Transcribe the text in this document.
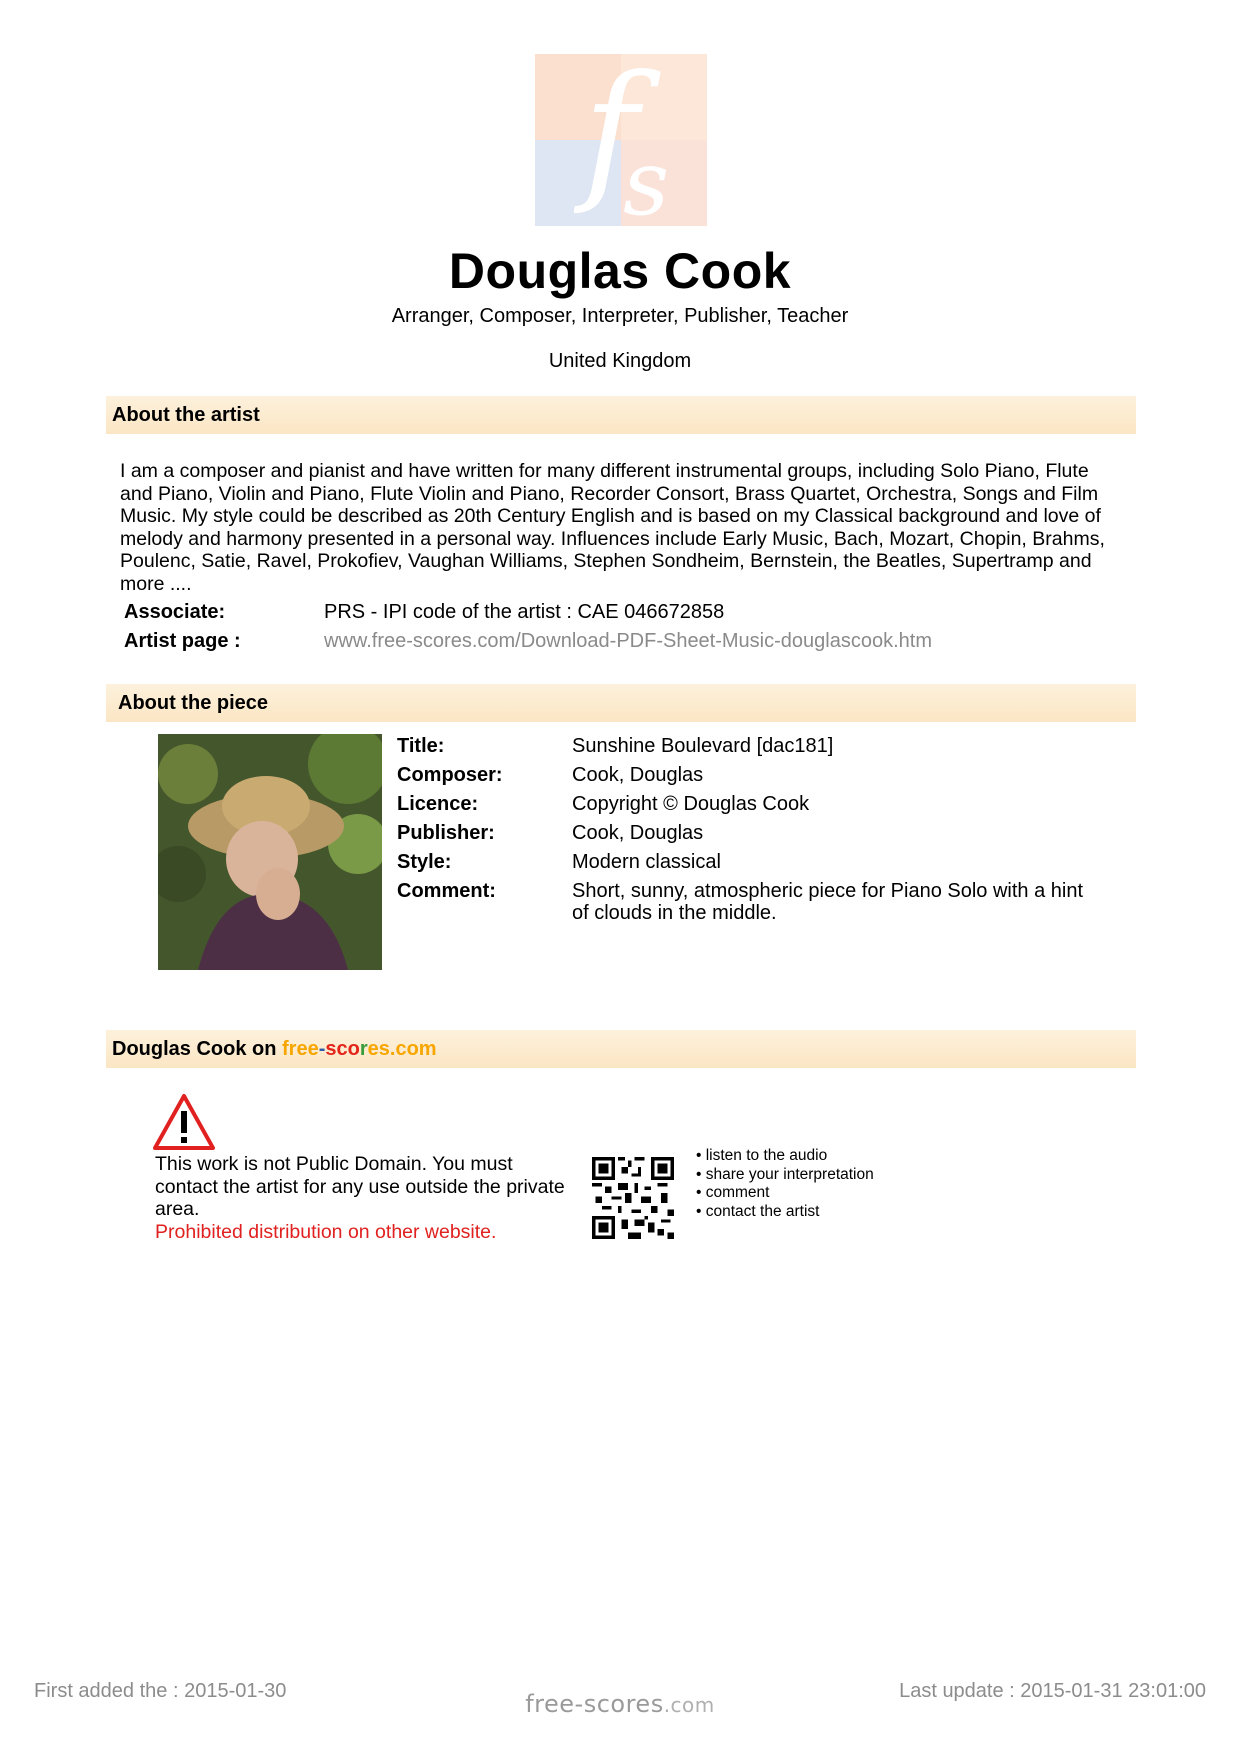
f
s
Douglas Cook
Arranger, Composer, Interpreter, Publisher, Teacher
United Kingdom
About the artist
I am a composer and pianist and have written for many different instrumental groups, including Solo Piano, Flute and Piano, Violin and Piano, Flute Violin and Piano, Recorder Consort, Brass Quartet, Orchestra, Songs and Film Music. My style could be described as 20th Century English and is based on my Classical background and love of melody and harmony presented in a personal way. Influences include Early Music, Bach, Mozart, Chopin, Brahms, Poulenc, Satie, Ravel, Prokofiev, Vaughan Williams, Stephen Sondheim, Bernstein, the Beatles, Supertramp and more ....
Associate:	PRS - IPI code of the artist : CAE 046672858
Artist page :	www.free-scores.com/Download-PDF-Sheet-Music-douglascook.htm
About the piece
Title:	Sunshine Boulevard [dac181]
Composer:	Cook, Douglas
Licence:	Copyright © Douglas Cook
Publisher:	Cook, Douglas
Style:	Modern classical
Comment:	Short, sunny, atmospheric piece for Piano Solo with a hint of clouds in the middle.
Douglas Cook on free-scores.com
This work is not Public Domain. You must contact the artist for any use outside the private area.
Prohibited distribution on other website.
• listen to the audio
• share your interpretation
• comment
• contact the artist
First added the : 2015-01-30	Last update : 2015-01-31 23:01:00
free-scores.com
